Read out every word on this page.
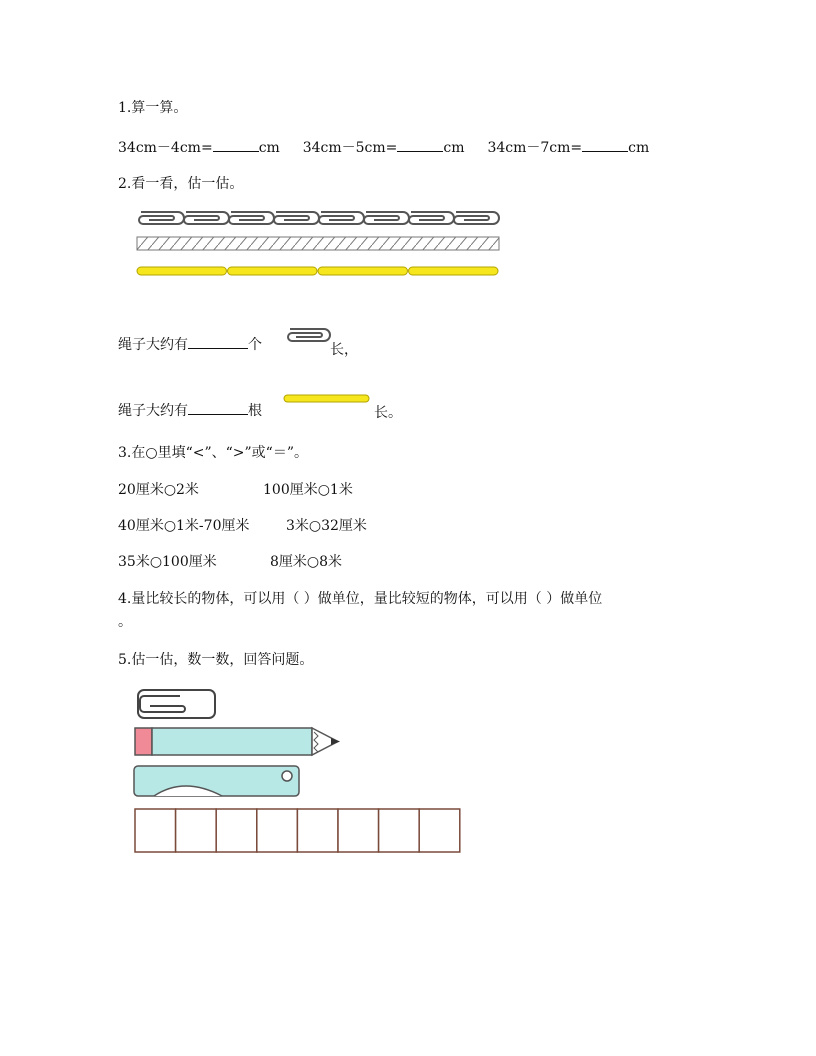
1.算一算。
34cm－4cm=	cm 34cm－5cm=	cm 34cm－7cm=	cm
2.看一看，估一估。
绳子大约有	个	长，
绳子大约有	根	长。
3.在○里填“<”、“>”或“＝”。
20厘米○2米	100厘米○1米
40厘米○1米-70厘米	3米○32厘米
35米○100厘米	8厘米○8米
4.量比较长的物体，可以用（ ）做单位，量比较短的物体，可以用（ ）做单位
。
5.估一估，数一数，回答问题。
